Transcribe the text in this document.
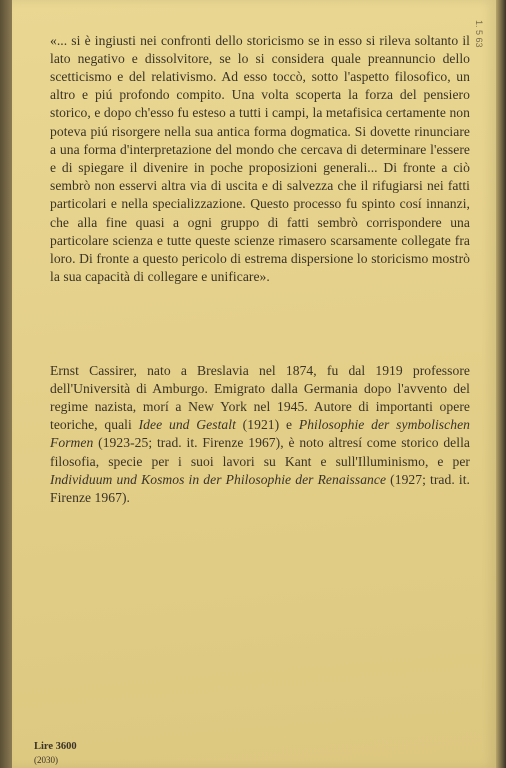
«... si è ingiusti nei confronti dello storicismo se in esso si rileva soltanto il lato negativo e dissolvitore, se lo si considera quale preannuncio dello scetticismo e del relativismo. Ad esso toccò, sotto l'aspetto filosofico, un altro e piú profondo compito. Una volta scoperta la forza del pensiero storico, e dopo ch'esso fu esteso a tutti i campi, la metafisica certamente non poteva piú risorgere nella sua antica forma dogmatica. Si dovette rinunciare a una forma d'interpretazione del mondo che cercava di determinare l'essere e di spiegare il divenire in poche proposizioni generali... Di fronte a ciò sembrò non esservi altra via di uscita e di salvezza che il rifugiarsi nei fatti particolari e nella specializzazione. Questo processo fu spinto cosí innanzi, che alla fine quasi a ogni gruppo di fatti sembrò corrispondere una particolare scienza e tutte queste scienze rimasero scarsamente collegate fra loro. Di fronte a questo pericolo di estrema dispersione lo storicismo mostrò la sua capacità di collegare e unificare».

Ernst Cassirer, nato a Breslavia nel 1874, fu dal 1919 professore dell'Università di Amburgo. Emigrato dalla Germania dopo l'avvento del regime nazista, morí a New York nel 1945. Autore di importanti opere teoriche, quali Idee und Gestalt (1921) e Philosophie der symbolischen Formen (1923-25; trad. it. Firenze 1967), è noto altresí come storico della filosofia, specie per i suoi lavori su Kant e sull'Illuminismo, e per Individuum und Kosmos in der Philosophie der Renaissance (1927; trad. it. Firenze 1967).

1. 5 63
Lire 3600
(2030)
